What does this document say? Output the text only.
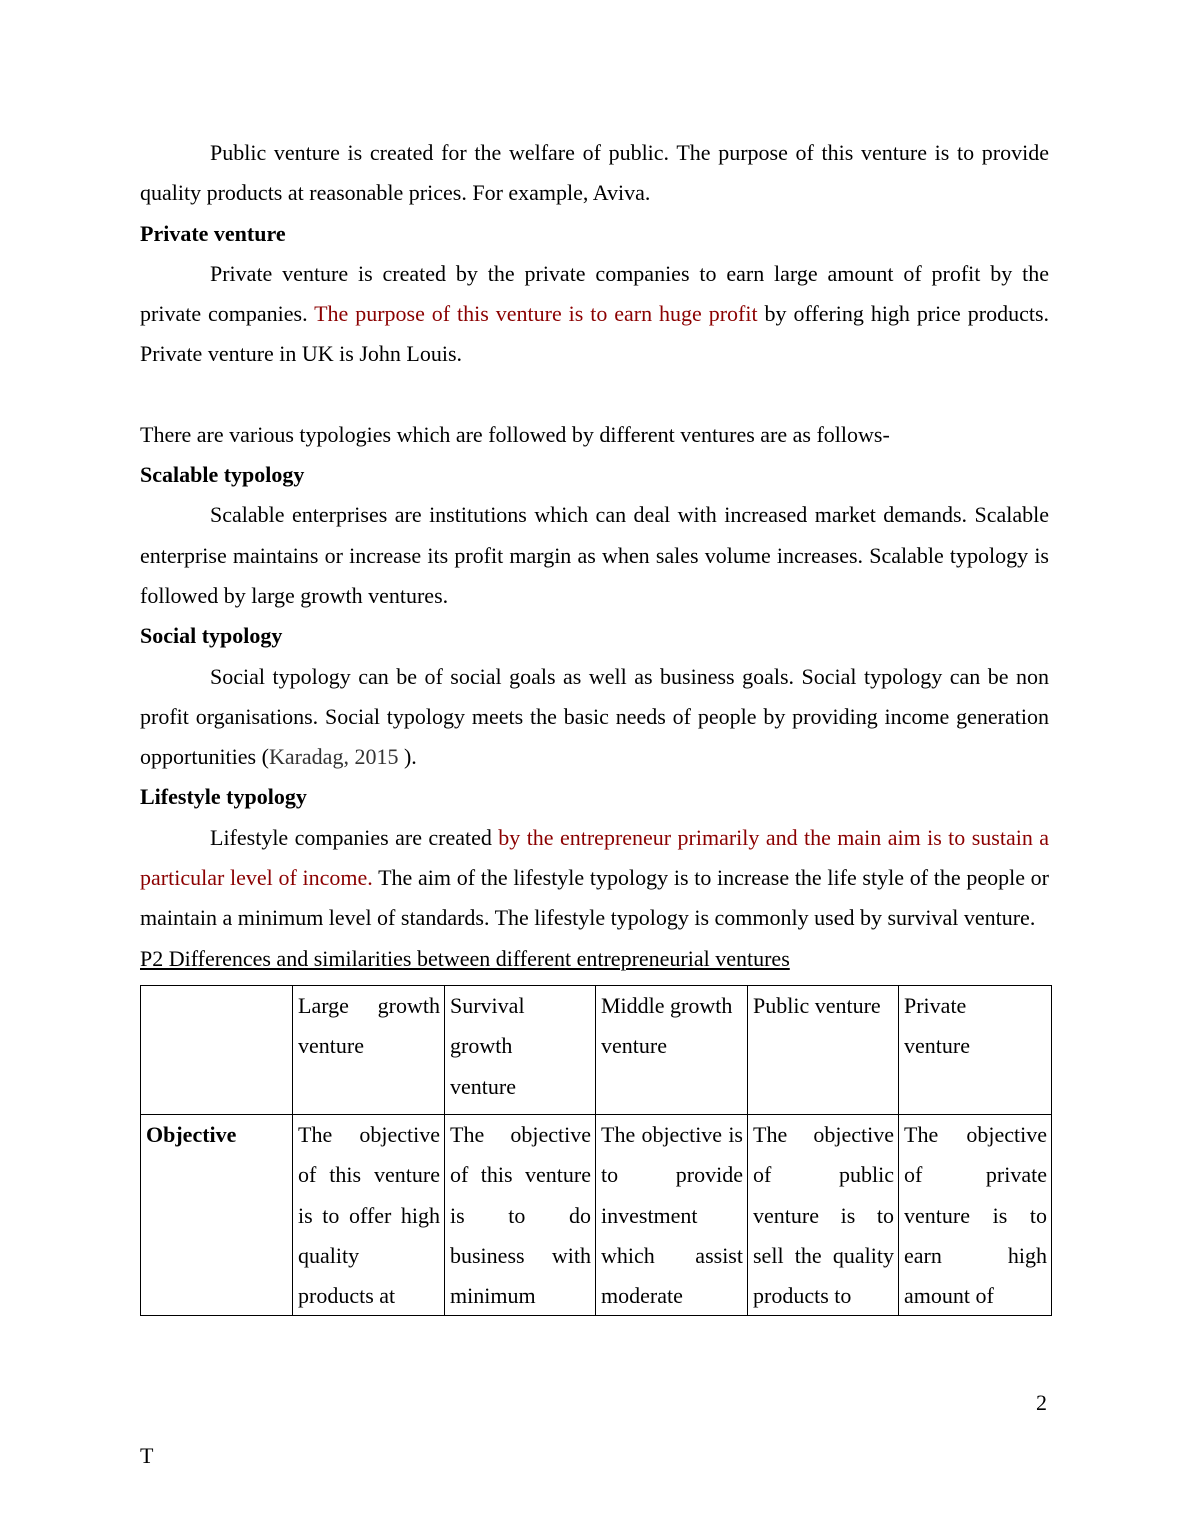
Public venture is created for the welfare of public. The purpose of this venture is to provide quality products at reasonable prices. For example, Aviva.

Private venture

Private venture is created by the private companies to earn large amount of profit by the private companies. The purpose of this venture is to earn huge profit by offering high price products. Private venture in UK is John Louis.

There are various typologies which are followed by different ventures are as follows-

Scalable typology

Scalable enterprises are institutions which can deal with increased market demands. Scalable enterprise maintains or increase its profit margin as when sales volume increases. Scalable typology is followed by large growth ventures.

Social typology

Social typology can be of social goals as well as business goals. Social typology can be non profit organisations. Social typology meets the basic needs of people by providing income generation opportunities (Karadag, 2015 ).

Lifestyle typology

Lifestyle companies are created by the entrepreneur primarily and the main aim is to sustain a particular level of income. The aim of the lifestyle typology is to increase the life style of the people or maintain a minimum level of standards. The lifestyle typology is commonly used by survival venture.

P2 Differences and similarities between different entrepreneurial ventures

	Large growth venture	Survival growth venture	Middle growth venture	Public venture	Private venture
Objective	The objective of this venture is to offer high quality products at	The objective of this venture is to do business with minimum	The objective is to provide investment which assist moderate	The objective of public venture is to sell the quality products to	The objective of private venture is to earn high amount of
2
T
